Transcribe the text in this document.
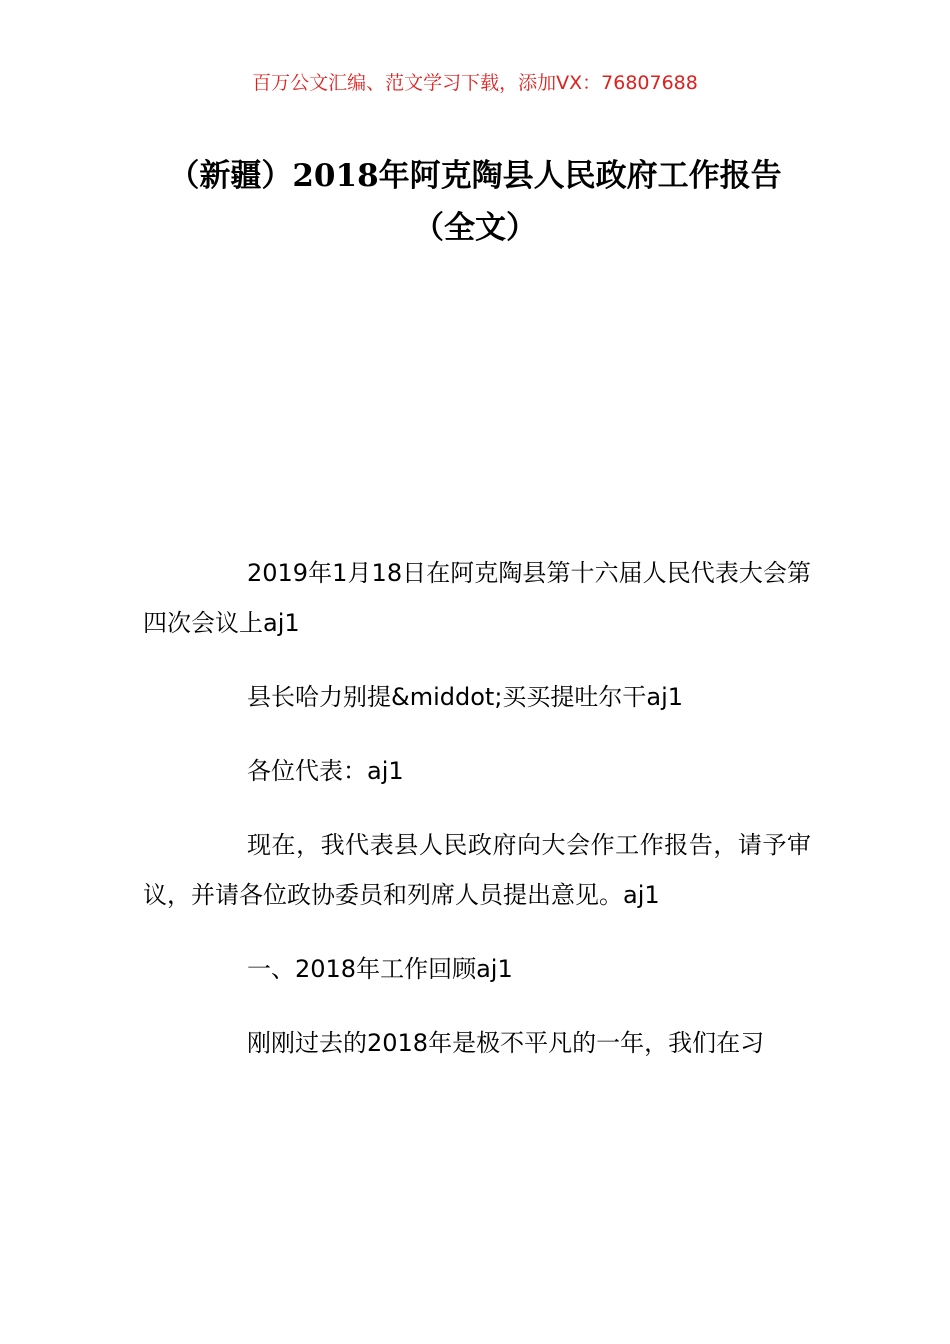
百万公文汇编、范文学习下载，添加VX：76807688
（新疆）2018年阿克陶县人民政府工作报告（全文）

2019年1月18日在阿克陶县第十六届人民代表大会第四次会议上aj1

县长哈力别提&middot;买买提吐尔干aj1

各位代表：aj1

现在，我代表县人民政府向大会作工作报告，请予审议，并请各位政协委员和列席人员提出意见。aj1

一、2018年工作回顾aj1

刚刚过去的2018年是极不平凡的一年，我们在习
